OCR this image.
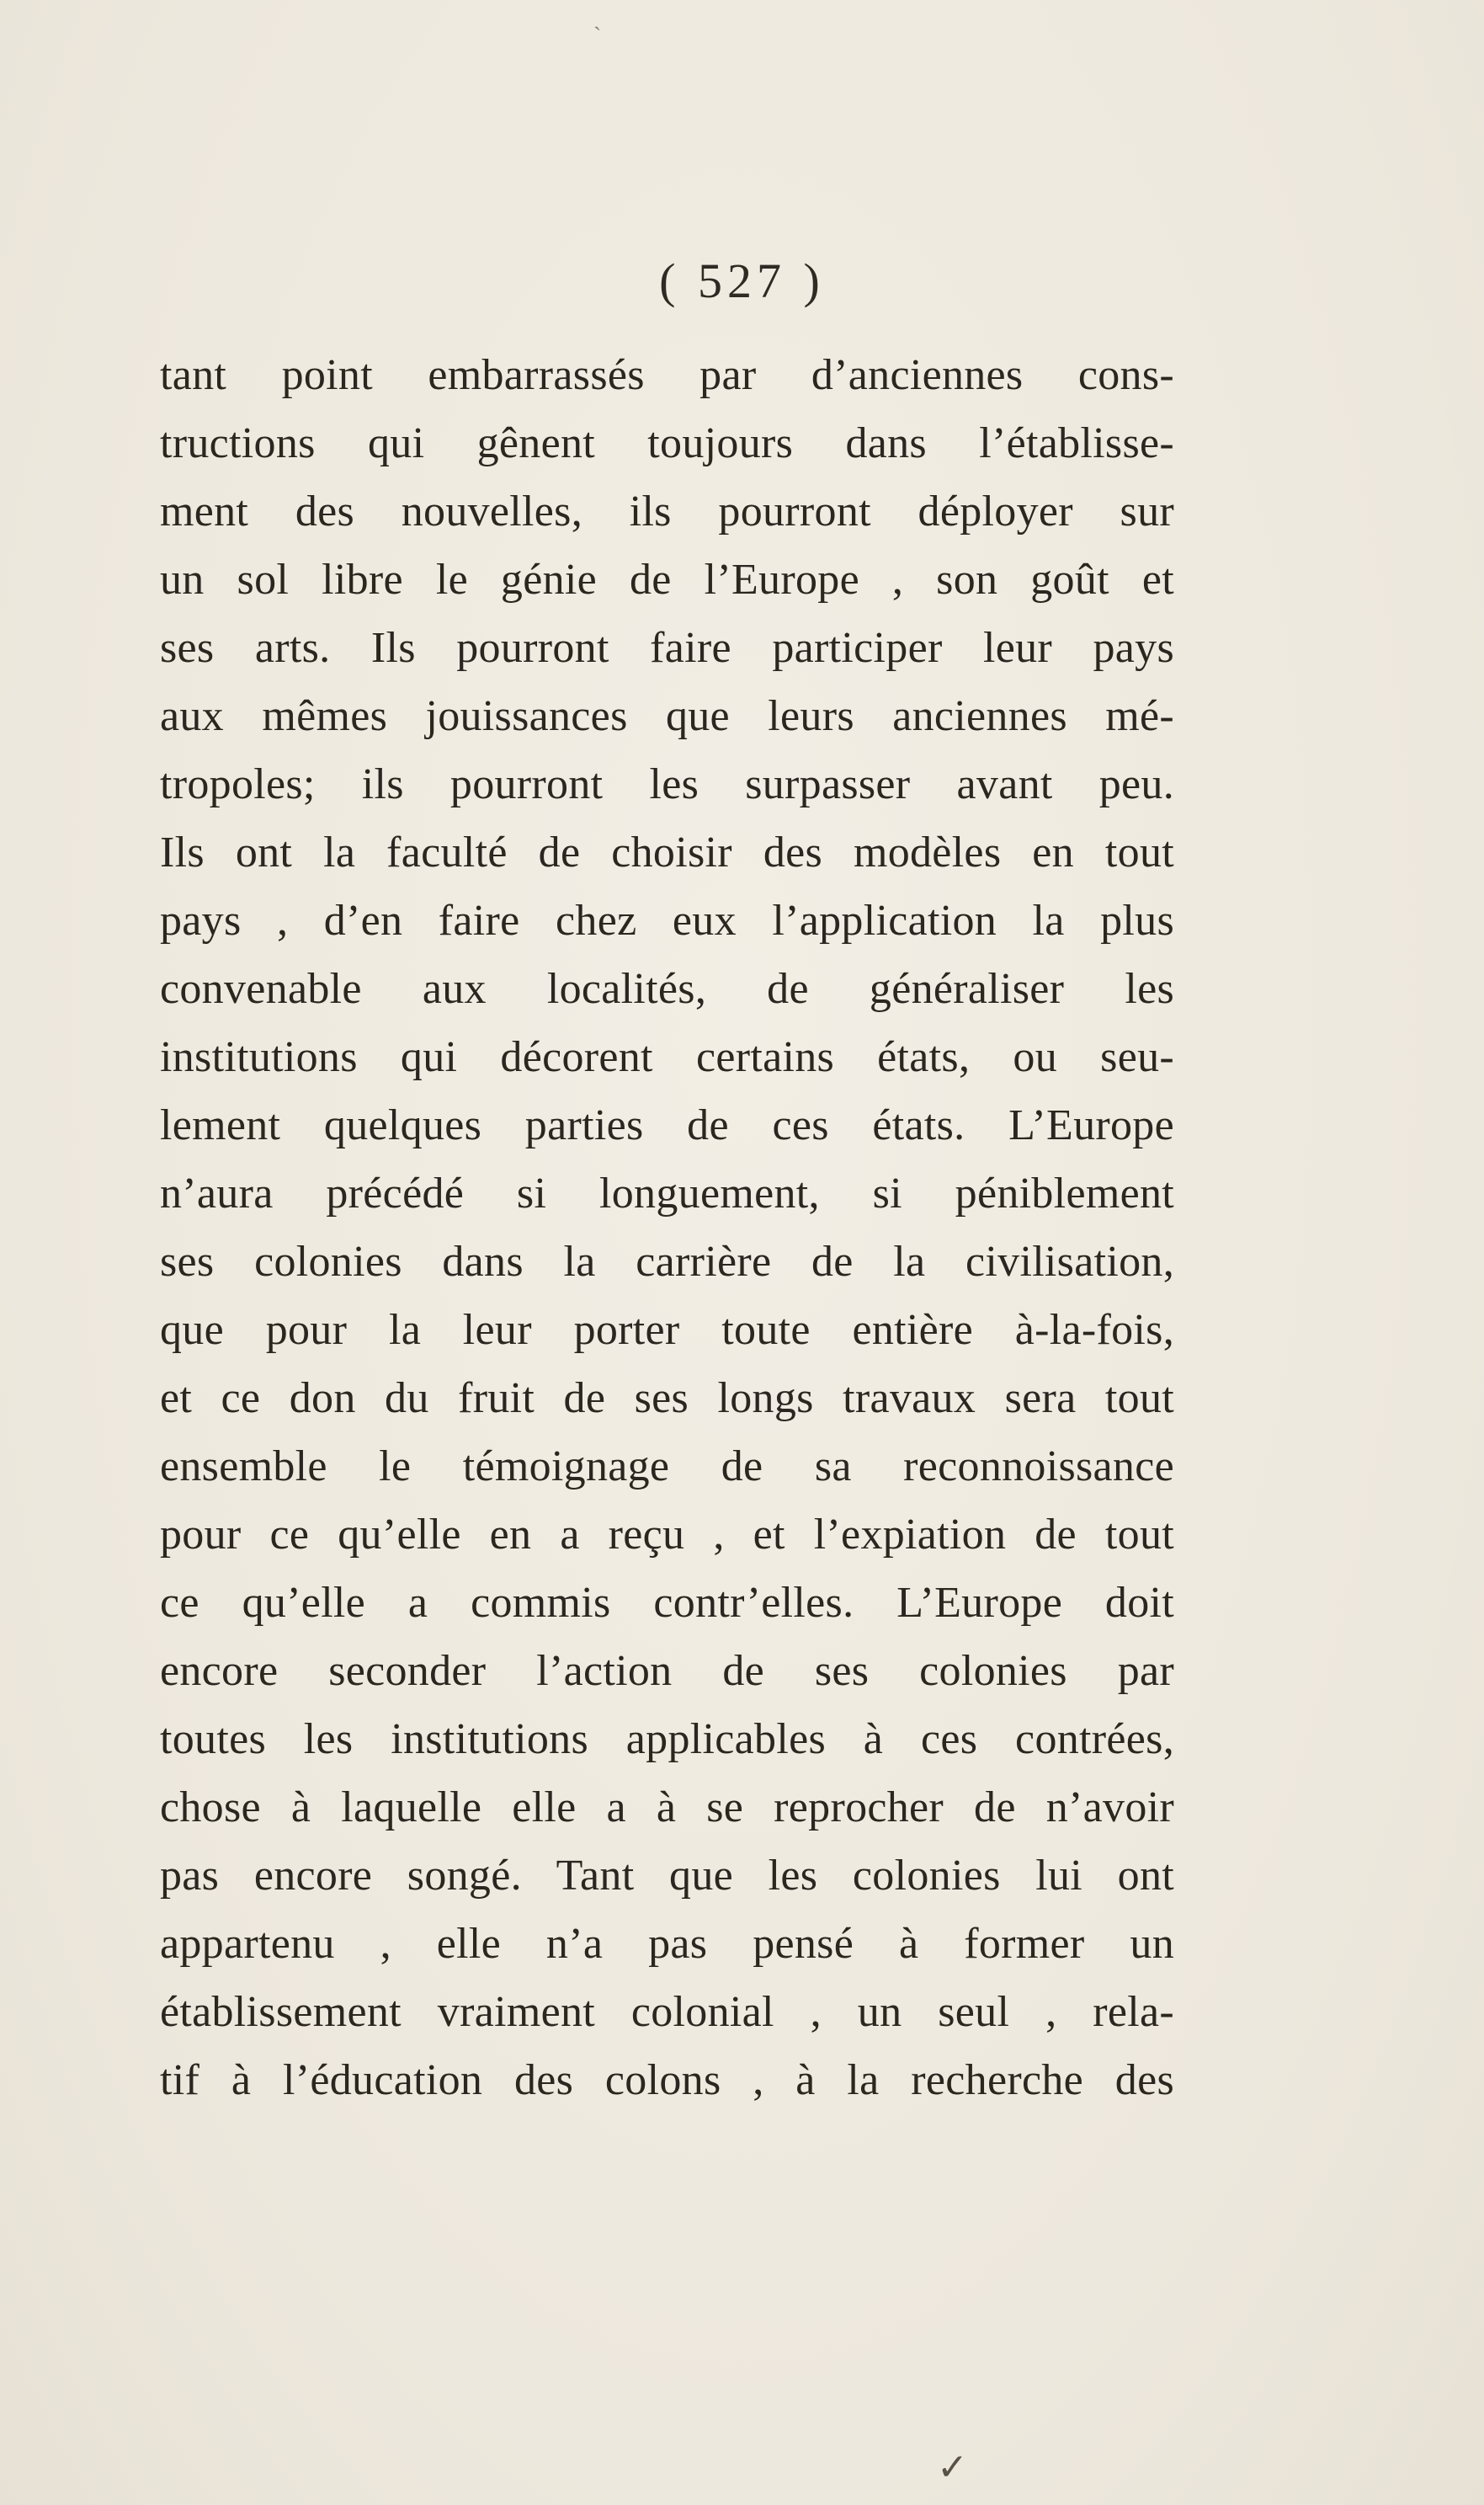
˴
( 527 )
tant point embarrassés par d’anciennes cons-
tructions qui gênent toujours dans l’établisse-
ment des nouvelles, ils pourront déployer sur
un sol libre le génie de l’Europe , son goût et
ses arts. Ils pourront faire participer leur pays
aux mêmes jouissances que leurs anciennes mé-
tropoles; ils pourront les surpasser avant peu.
Ils ont la faculté de choisir des modèles en tout
pays , d’en faire chez eux l’application la plus
convenable aux localités, de généraliser les
institutions qui décorent certains états, ou seu-
lement quelques parties de ces états. L’Europe
n’aura précédé si longuement, si péniblement
ses colonies dans la carrière de la civilisation,
que pour la leur porter toute entière à-la-fois,
et ce don du fruit de ses longs travaux sera tout
ensemble le témoignage de sa reconnoissance
pour ce qu’elle en a reçu , et l’expiation de tout
ce qu’elle a commis contr’elles. L’Europe doit
encore seconder l’action de ses colonies par
toutes les institutions applicables à ces contrées,
chose à laquelle elle a à se reprocher de n’avoir
pas encore songé. Tant que les colonies lui ont
appartenu , elle n’a pas pensé à former un
établissement vraiment colonial , un seul , rela-
tif à l’éducation des colons , à la recherche des
✓
